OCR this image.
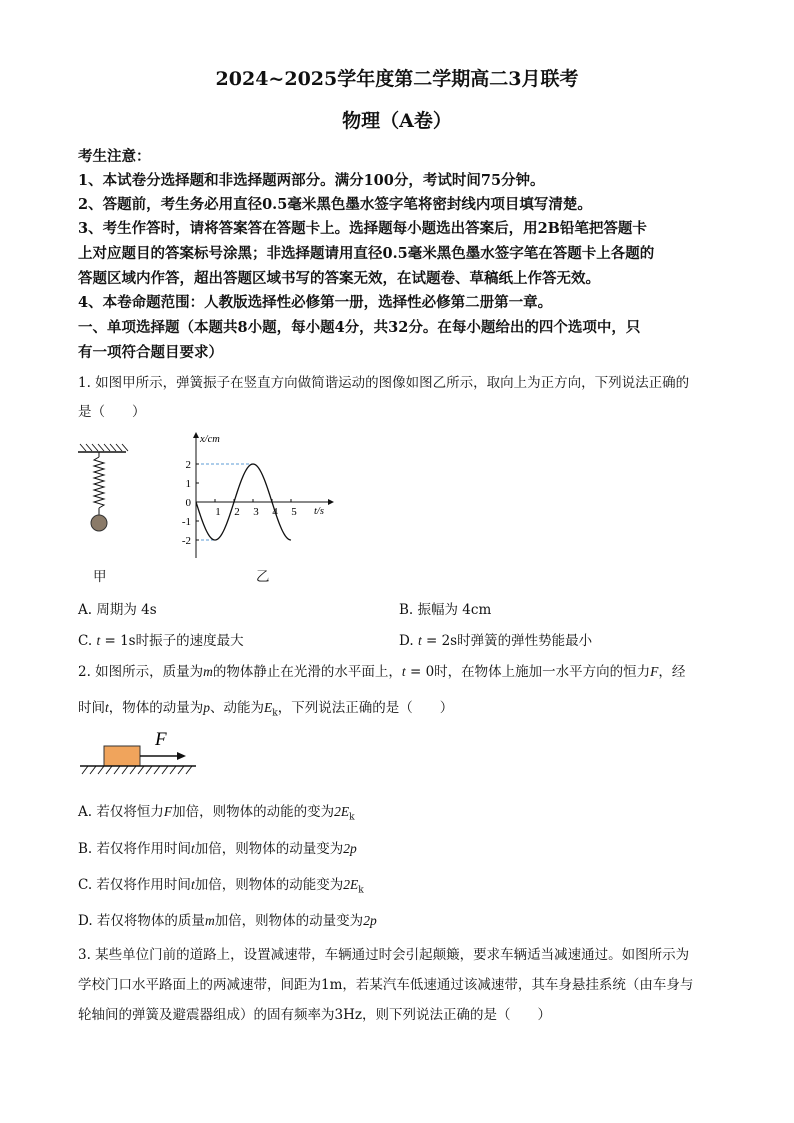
2024~2025学年度第二学期高二3月联考
物理（A卷）
考生注意：
1、本试卷分选择题和非选择题两部分。满分100分，考试时间75分钟。
2、答题前，考生务必用直径0.5毫米黑色墨水签字笔将密封线内项目填写清楚。
3、考生作答时，请将答案答在答题卡上。选择题每小题选出答案后，用2B铅笔把答题卡
上对应题目的答案标号涂黑；非选择题请用直径0.5毫米黑色墨水签字笔在答题卡上各题的
答题区域内作答，超出答题区域书写的答案无效，在试题卷、草稿纸上作答无效。
4、本卷命题范围：人教版选择性必修第一册，选择性必修第二册第一章。
一、单项选择题（本题共8小题，每小题4分，共32分。在每小题给出的四个选项中，只
有一项符合题目要求）
1. 如图甲所示，弹簧振子在竖直方向做简谐运动的图像如图乙所示，取向上为正方向，下列说法正确的
是（　　）
甲
x/cm
t/s
2
1
0
-1
-2
1 2 3 4 5
乙
A. 周期为 4s	B. 振幅为 4cm
C. t = 1s时振子的速度最大	D. t = 2s时弹簧的弹性势能最小
2. 如图所示，质量为m的物体静止在光滑的水平面上，t = 0时，在物体上施加一水平方向的恒力F，经
时间t，物体的动量为p、动能为$E_k$，下列说法正确的是（　　）
F
A. 若仅将恒力F加倍，则物体的动能的变为$2E_k$
B. 若仅将作用时间t加倍，则物体的动量变为2p
C. 若仅将作用时间t加倍，则物体的动能变为$2E_k$
D. 若仅将物体的质量m加倍，则物体的动量变为2p
3. 某些单位门前的道路上，设置减速带，车辆通过时会引起颠簸，要求车辆适当减速通过。如图所示为
学校门口水平路面上的两减速带，间距为1m，若某汽车低速通过该减速带，其车身悬挂系统（由车身与
轮轴间的弹簧及避震器组成）的固有频率为3Hz，则下列说法正确的是（　　）
